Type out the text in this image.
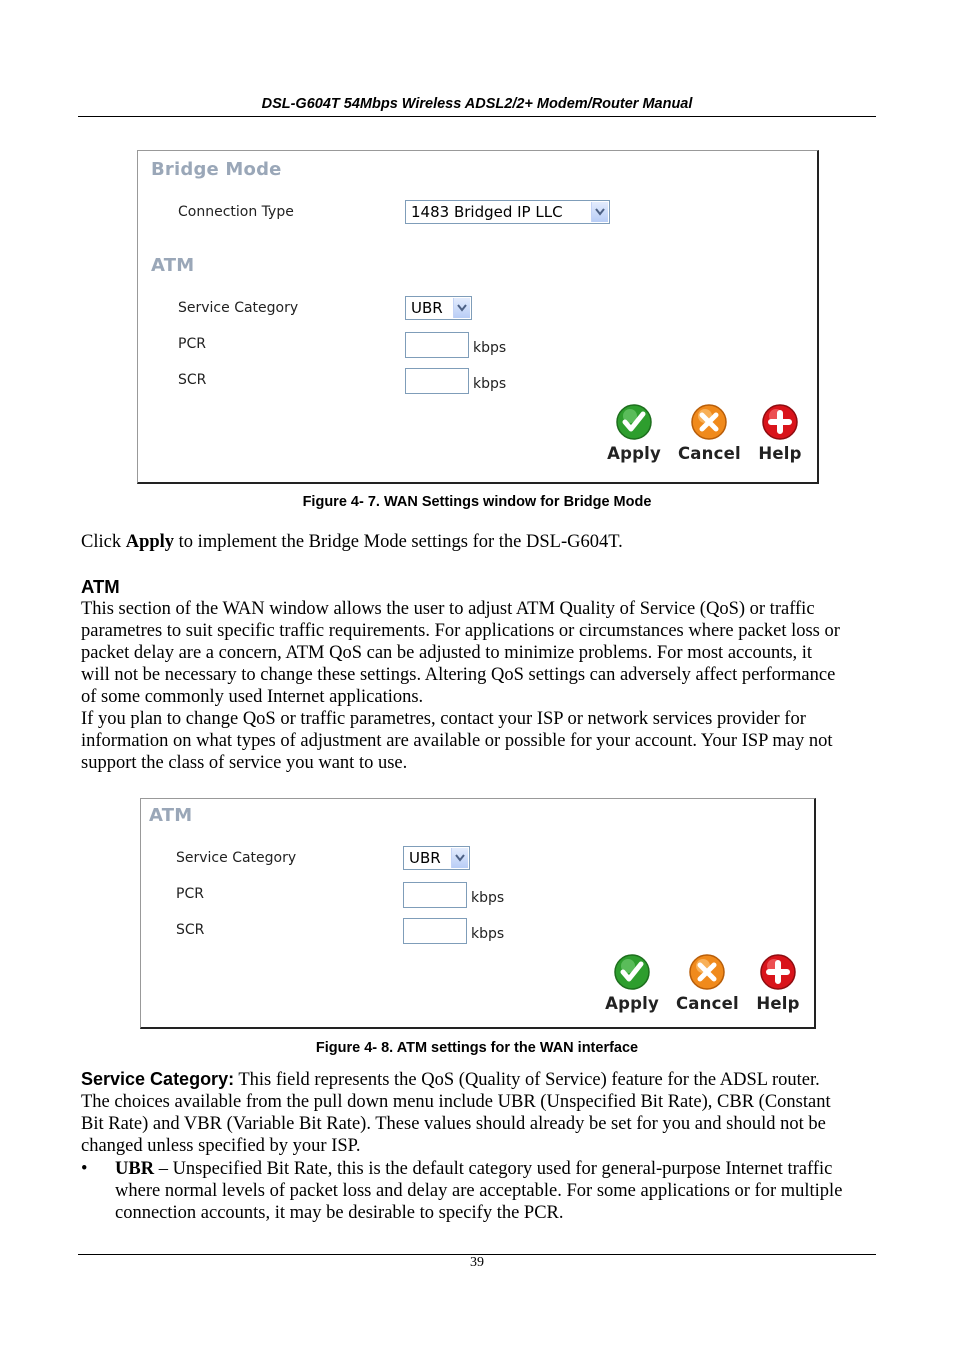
DSL-G604T 54Mbps Wireless ADSL2/2+ Modem/Router Manual
Bridge Mode
Connection Type	1483 Bridged IP LLC
ATM
Service Category	UBR
PCR	kbps
SCR	kbps
Apply Cancel	Help
Figure 4- 7. WAN Settings window for Bridge Mode
Click Apply to implement the Bridge Mode settings for the DSL-G604T.
ATM
This section of the WAN window allows the user to adjust ATM Quality of Service (QoS) or traffic
parametres to suit specific traffic requirements. For applications or circumstances where packet loss or
packet delay are a concern, ATM QoS can be adjusted to minimize problems. For most accounts, it
will not be necessary to change these settings. Altering QoS settings can adversely affect performance
of some commonly used Internet applications.
If you plan to change QoS or traffic parametres, contact your ISP or network services provider for
information on what types of adjustment are available or possible for your account. Your ISP may not
support the class of service you want to use.
ATM
Service Category	UBR
PCR	kbps
SCR	kbps
Apply Cancel	Help
Figure 4- 8. ATM settings for the WAN interface
Service Category: This field represents the QoS (Quality of Service) feature for the ADSL router.
The choices available from the pull down menu include UBR (Unspecified Bit Rate), CBR (Constant
Bit Rate) and VBR (Variable Bit Rate). These values should already be set for you and should not be
changed unless specified by your ISP.
• UBR – Unspecified Bit Rate, this is the default category used for general-purpose Internet traffic
where normal levels of packet loss and delay are acceptable. For some applications or for multiple
connection accounts, it may be desirable to specify the PCR.
39
